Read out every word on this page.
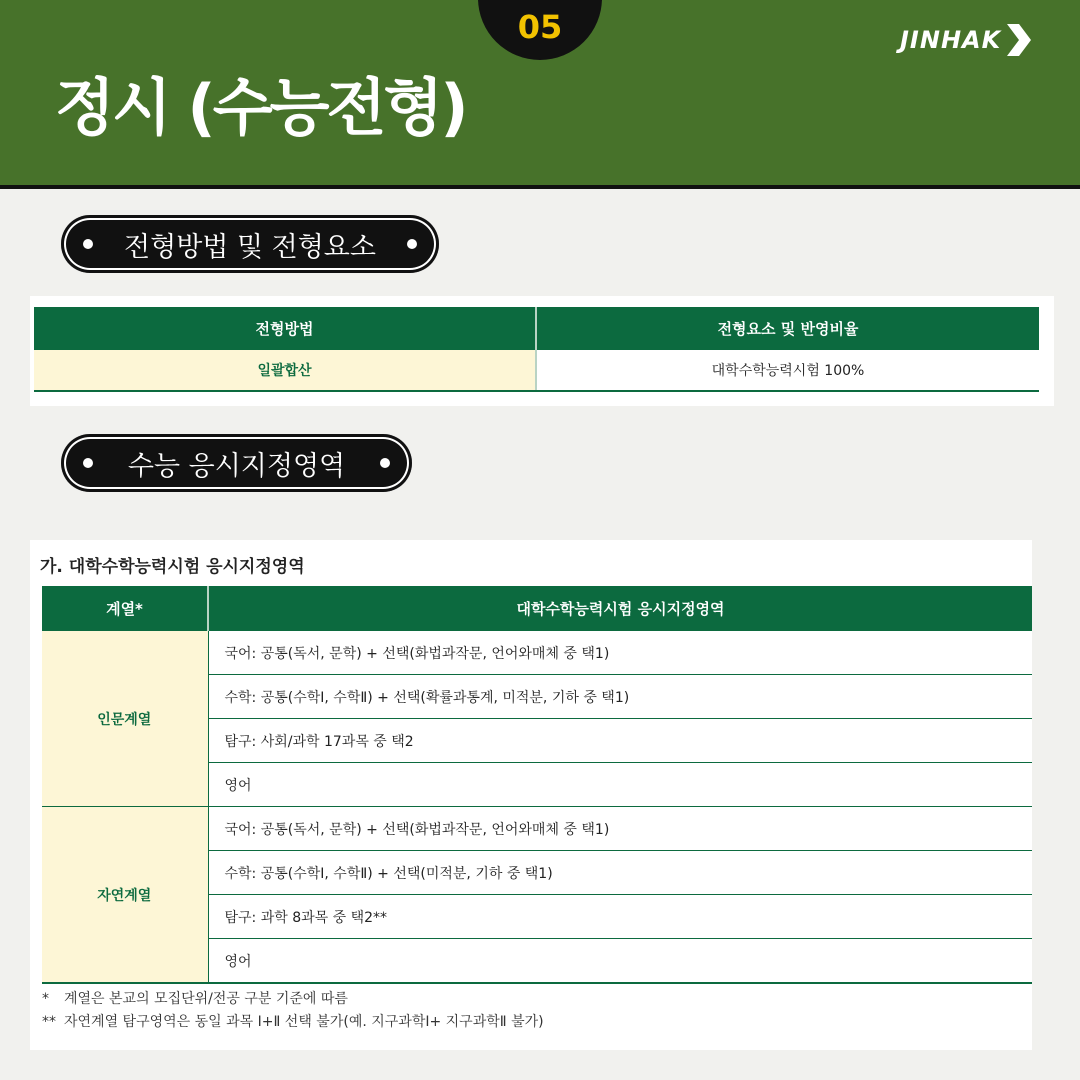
05
정시 (수능전형)
JINHAK
전형방법 및 전형요소
전형방법	전형요소 및 반영비율
일괄합산	대학수학능력시험 100%
수능 응시지정영역
가. 대학수학능력시험 응시지정영역
계열*	대학수학능력시험 응시지정영역
인문계열	국어: 공통(독서, 문학) + 선택(화법과작문, 언어와매체 중 택1)
	수학: 공통(수학Ⅰ, 수학Ⅱ) + 선택(확률과통계, 미적분, 기하 중 택1)
	탐구: 사회/과학 17과목 중 택2
	영어
자연계열	국어: 공통(독서, 문학) + 선택(화법과작문, 언어와매체 중 택1)
	수학: 공통(수학Ⅰ, 수학Ⅱ) + 선택(미적분, 기하 중 택1)
	탐구: 과학 8과목 중 택2**
	영어
* 계열은 본교의 모집단위/전공 구분 기준에 따름
** 자연계열 탐구영역은 동일 과목 Ⅰ+Ⅱ 선택 불가(예. 지구과학Ⅰ+ 지구과학Ⅱ 불가)
